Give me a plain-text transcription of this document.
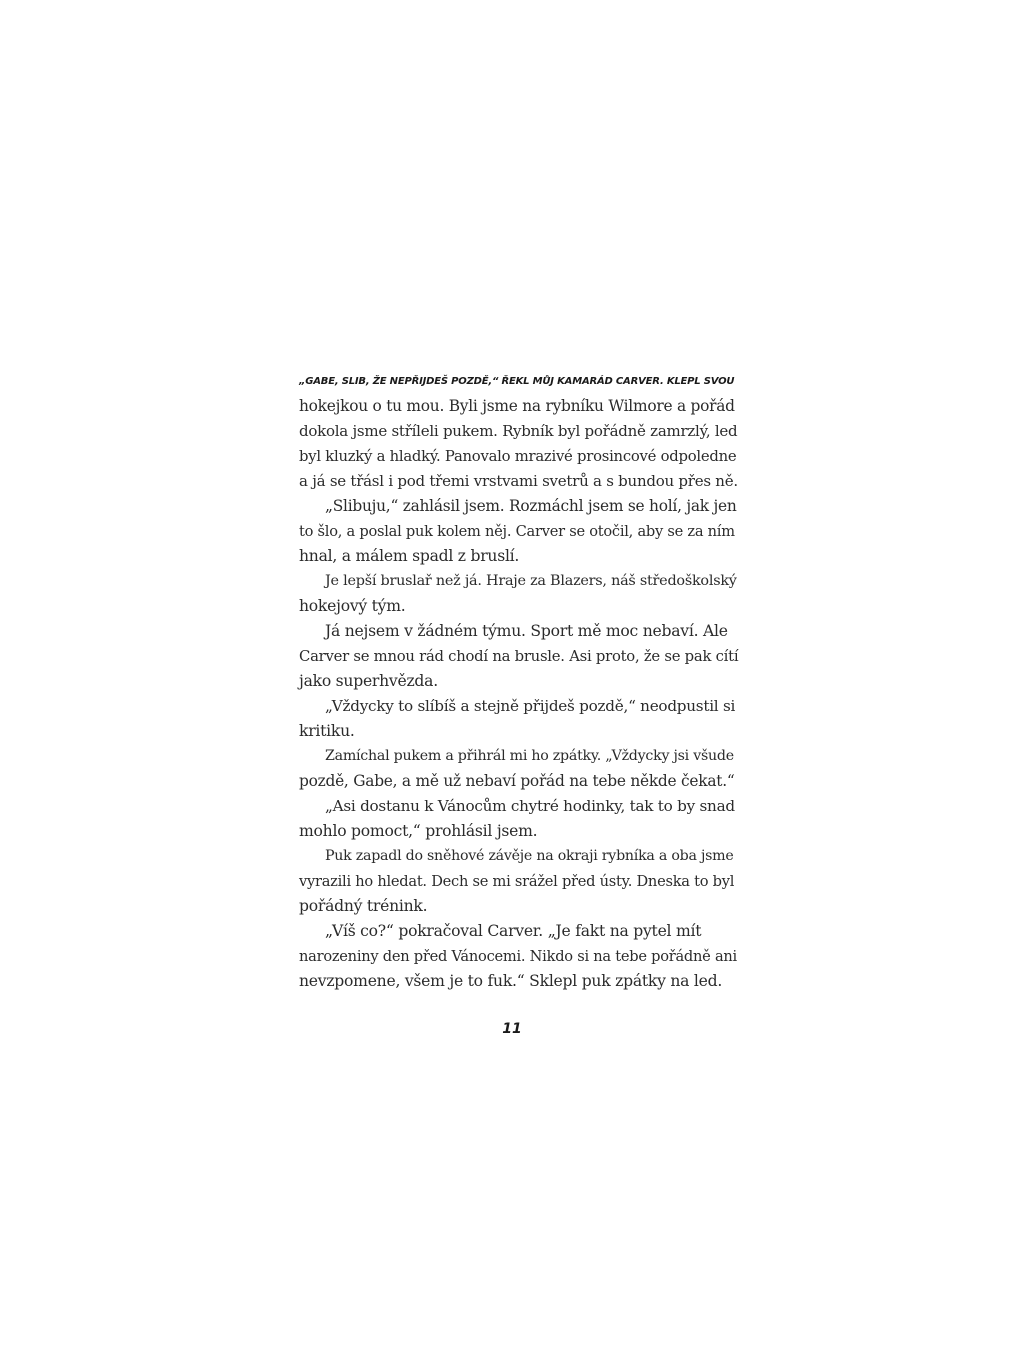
„GABE, SLIB, ŽE NEPŘIJDEŠ POZDĚ,“ ŘEKL MŮJ KAMARÁD CARVER. KLEPL SVOU
hokejkou o tu mou. Byli jsme na rybníku Wilmore a pořád
dokola jsme stříleli pukem. Rybník byl pořádně zamrzlý, led
byl kluzký a hladký. Panovalo mrazivé prosincové odpoledne
a já se třásl i pod třemi vrstvami svetrů a s bundou přes ně.
„Slibuju,“ zahlásil jsem. Rozmáchl jsem se holí, jak jen
to šlo, a poslal puk kolem něj. Carver se otočil, aby se za ním
hnal, a málem spadl z bruslí.
Je lepší bruslař než já. Hraje za Blazers, náš středoškolský
hokejový tým.
Já nejsem v žádném týmu. Sport mě moc nebaví. Ale
Carver se mnou rád chodí na brusle. Asi proto, že se pak cítí
jako superhvězda.
„Vždycky to slíbíš a stejně přijdeš pozdě,“ neodpustil si
kritiku.
Zamíchal pukem a přihrál mi ho zpátky. „Vždycky jsi všude
pozdě, Gabe, a mě už nebaví pořád na tebe někde čekat.“
„Asi dostanu k Vánocům chytré hodinky, tak to by snad
mohlo pomoct,“ prohlásil jsem.
Puk zapadl do sněhové závěje na okraji rybníka a oba jsme
vyrazili ho hledat. Dech se mi srážel před ústy. Dneska to byl
pořádný trénink.
„Víš co?“ pokračoval Carver. „Je fakt na pytel mít
narozeniny den před Vánocemi. Nikdo si na tebe pořádně ani
nevzpomene, všem je to fuk.“ Sklepl puk zpátky na led.
11
